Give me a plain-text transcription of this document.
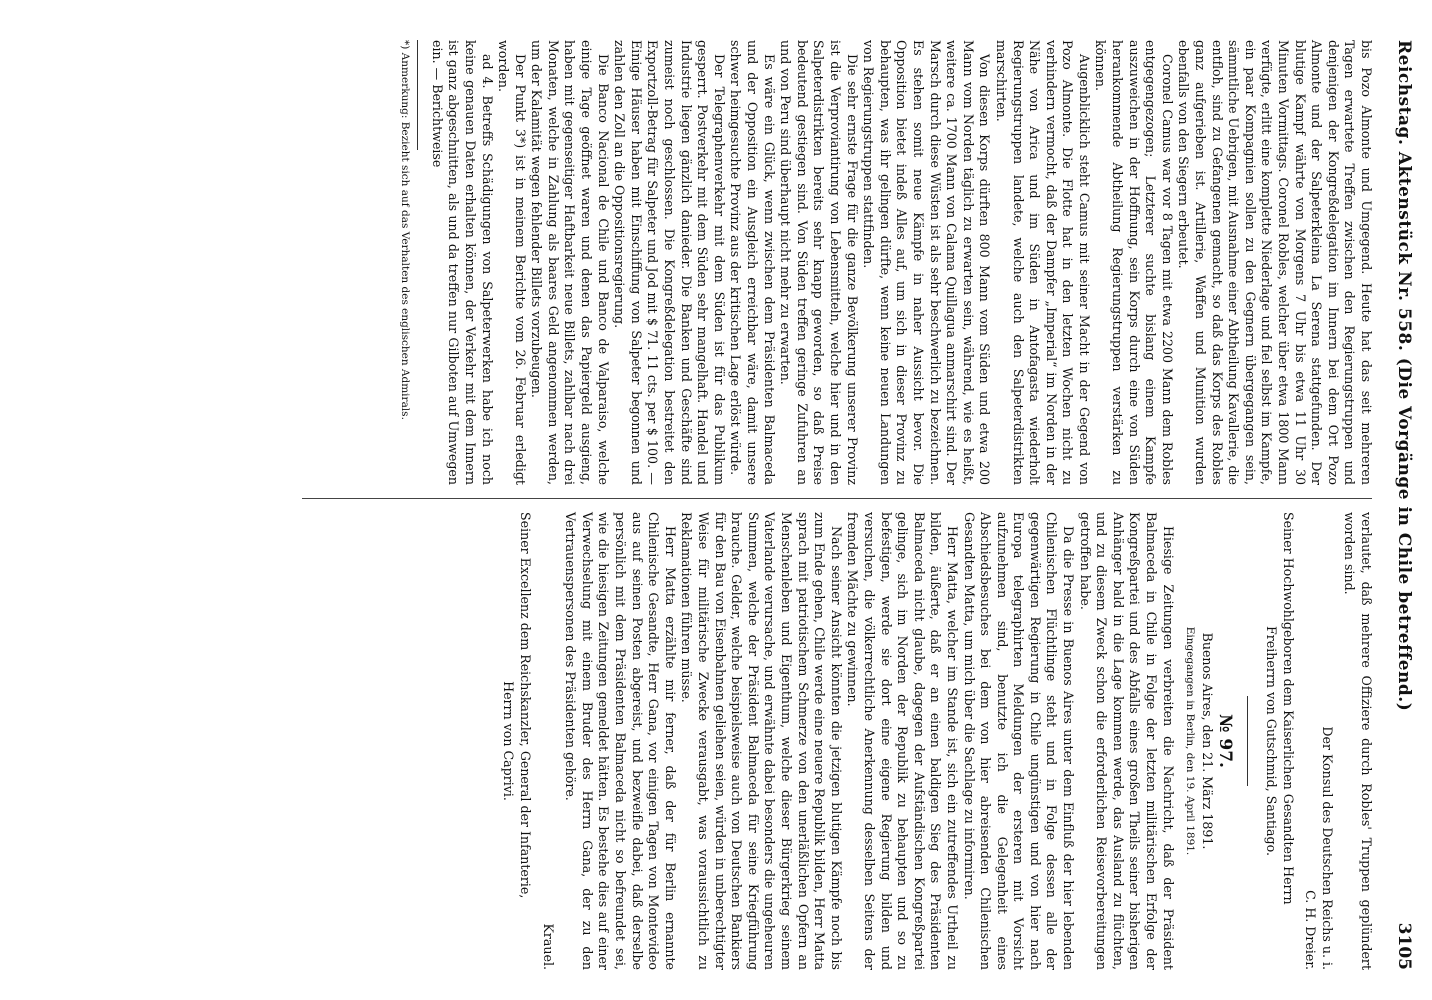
Reichstag. Aktenstück Nr. 558. (Die Vorgänge in Chile betreffend.)
3105

bis Pozo Almonte und Umgegend. Heute hat das seit mehreren Tagen erwartete Treffen zwischen den Regierungstruppen und denjenigen der Kongreßdelegation im Innern bei dem Ort Pozo Almonte und der Salpeterkleina La Serena stattgefunden. Der blutige Kampf währte von Morgens 7 Uhr bis etwa 11 Uhr 30 Minuten Vormittags. Coronel Robles, welcher über etwa 1800 Mann verfügte, erlitt eine komplette Niederlage und fiel selbst im Kampfe, ein paar Kompagnien sollen zu den Gegnern übergegangen sein, sämmtliche Uebrigen, mit Ausnahme einer Abtheilung Kavallerie, die entfloh, sind zu Gefangenen gemacht, so daß das Korps des Robles ganz aufgerieben ist. Artillerie, Waffen und Munition wurden ebenfalls von den Siegern erbeutet.

Coronel Camus war vor 8 Tagen mit etwa 2200 Mann dem Robles entgegengezogen; Letzterer suchte bislang einem Kampfe auszuweichen in der Hoffnung, sein Korps durch eine von Süden herankommende Abtheilung Regierungstruppen verstärken zu können.

Augenblicklich steht Camus mit seiner Macht in der Gegend von Pozo Almonte. Die Flotte hat in den letzten Wochen nicht zu verhindern vermocht, daß der Dampfer „Imperial“ im Norden in der Nähe von Arica und im Süden in Antofagasta wiederholt Regierungstruppen landete, welche auch den Salpeterdistrikten marschirten.

Von diesen Korps dürften 800 Mann vom Süden und etwa 200 Mann vom Norden täglich zu erwarten sein, während, wie es heißt, weitere ca. 1700 Mann von Calama Quillagua anmarschirt sind. Der Marsch durch diese Wüsten ist als sehr beschwerlich zu bezeichnen. Es stehen somit neue Kämpfe in naher Aussicht bevor. Die Opposition bietet indeß Alles auf, um sich in dieser Provinz zu behaupten, was ihr gelingen dürfte, wenn keine neuen Landungen von Regierungstruppen stattfinden.

Die sehr ernste Frage für die ganze Bevölkerung unserer Provinz ist die Verproviantirung von Lebensmitteln, welche hier und in den Salpeterdistrikten bereits sehr knapp geworden, so daß Preise bedeutend gestiegen sind. Von Süden treffen geringe Zufuhren an und von Peru sind überhaupt nicht mehr zu erwarten.

Es wäre ein Glück, wenn zwischen dem Präsidenten Balmaceda und der Opposition ein Ausgleich erreichbar wäre, damit unsere schwer heimgesuchte Provinz aus der kritischen Lage erlöst würde.

Der Telegraphenverkehr mit dem Süden ist für das Publikum gesperrt. Postverkehr mit dem Süden sehr mangelhaft. Handel und Industrie liegen gänzlich danieder. Die Banken und Geschäfte sind zumeist noch geschlossen. Die Kongreßdelegation bestreitet den Exportzoll-Betrag für Salpeter und Jod mit $ 71. 11 cts. per $ 100. — Einige Häuser haben mit Einschiffung von Salpeter begonnen und zahlen den Zoll an die Oppositionsregierung.

Die Banco Nacional de Chile und Banco de Valparaiso, welche einige Tage geöffnet waren und denen das Papiergeld ausgieng, haben mit gegenseitiger Haftbarkeit neue Billets, zahlbar nach drei Monaten, welche in Zahlung als baares Geld angenommen werden, um der Kalamität wegen fehlender Billets vorzubeugen.

Der Punkt 3*) ist in meinem Berichte vom 26. Februar erledigt worden.

ad 4. Betreffs Schädigungen von Salpeterwerken habe ich noch keine genauen Daten erhalten können, der Verkehr mit dem Innern ist ganz abgeschnitten, als und da treffen nur Gilboten auf Umwegen ein. — Berichtweise

*) Anmerkung: Bezieht sich auf das Verhalten des englischen Admirals.

verlautet, daß mehrere Offiziere durch Robles' Truppen geplündert worden sind.

Der Konsul des Deutschen Reichs u. i.

C. H. Dreier.

Seiner Hochwohlgeboren dem Kaiserlichen Gesandten Herrn

Freiherrn von Gutschmid, Santiago.

№ 97.

Buenos Aires, den 21. März 1891.

Eingegangen in Berlin, den 19. April 1891.

Hiesige Zeitungen verbreiten die Nachricht, daß der Präsident Balmaceda in Chile in Folge der letzten militärischen Erfolge der Kongreßpartei und des Abfalls eines großen Theils seiner bisherigen Anhänger bald in die Lage kommen werde, das Ausland zu flüchten, und zu diesem Zweck schon die erforderlichen Reisevorbereitungen getroffen habe.

Da die Presse in Buenos Aires unter dem Einfluß der hier lebenden Chilenischen Flüchtlinge steht und in Folge dessen alle der gegenwärtigen Regierung in Chile ungünstigen und von hier nach Europa telegraphirten Meldungen der ersteren mit Vorsicht aufzunehmen sind, benutzte ich die Gelegenheit eines Abschiedsbesuches bei dem von hier abreisenden Chilenischen Gesandten Matta, um mich über die Sachlage zu informiren.

Herr Matta, welcher im Stande ist, sich ein zutreffendes Urtheil zu bilden, äußerte, daß er an einen baldigen Sieg des Präsidenten Balmaceda nicht glaube, dagegen der Aufständischen Kongreßpartei gelinge, sich im Norden der Republik zu behaupten und so zu befestigen, werde sie dort eine eigene Regierung bilden und versuchen, die völkerrechtliche Anerkennung desselben Seitens der fremden Mächte zu gewinnen.

Nach seiner Ansicht könnten die jetzigen blutigen Kämpfe noch bis zum Ende gehen, Chile werde eine neuere Republik bilden, Herr Matta sprach mit patriotischem Schmerze von den unerläßlichen Opfern an Menschenleben und Eigenthum, welche dieser Bürgerkrieg seinem Vaterlande verursache, und erwähnte dabei besonders die ungeheuren Summen, welche der Präsident Balmaceda für seine Kriegführung brauche. Gelder, welche beispielsweise auch von Deutschen Bankiers für den Bau von Eisenbahnen geliehen seien, würden in unberechtigter Weise für militärische Zwecke verausgabt, was voraussichtlich zu Reklamationen führen müsse.

Herr Matta erzählte mir ferner, daß der für Berlin ernannte Chilenische Gesandte, Herr Gana, vor einigen Tagen von Montevideo aus auf seinen Posten abgereist, und bezweifle dabei, daß derselbe persönlich mit dem Präsidenten Balmaceda nicht so befreundet sei, wie die hiesigen Zeitungen gemeldet hätten. Es bestehe dies auf einer Verwechselung mit einem Bruder des Herrn Gana, der zu den Vertrauenspersonen des Präsidenten gehöre.

Krauel.

Seiner Excellenz dem Reichskanzler, General der Infanterie,

Herrn von Caprivi.
